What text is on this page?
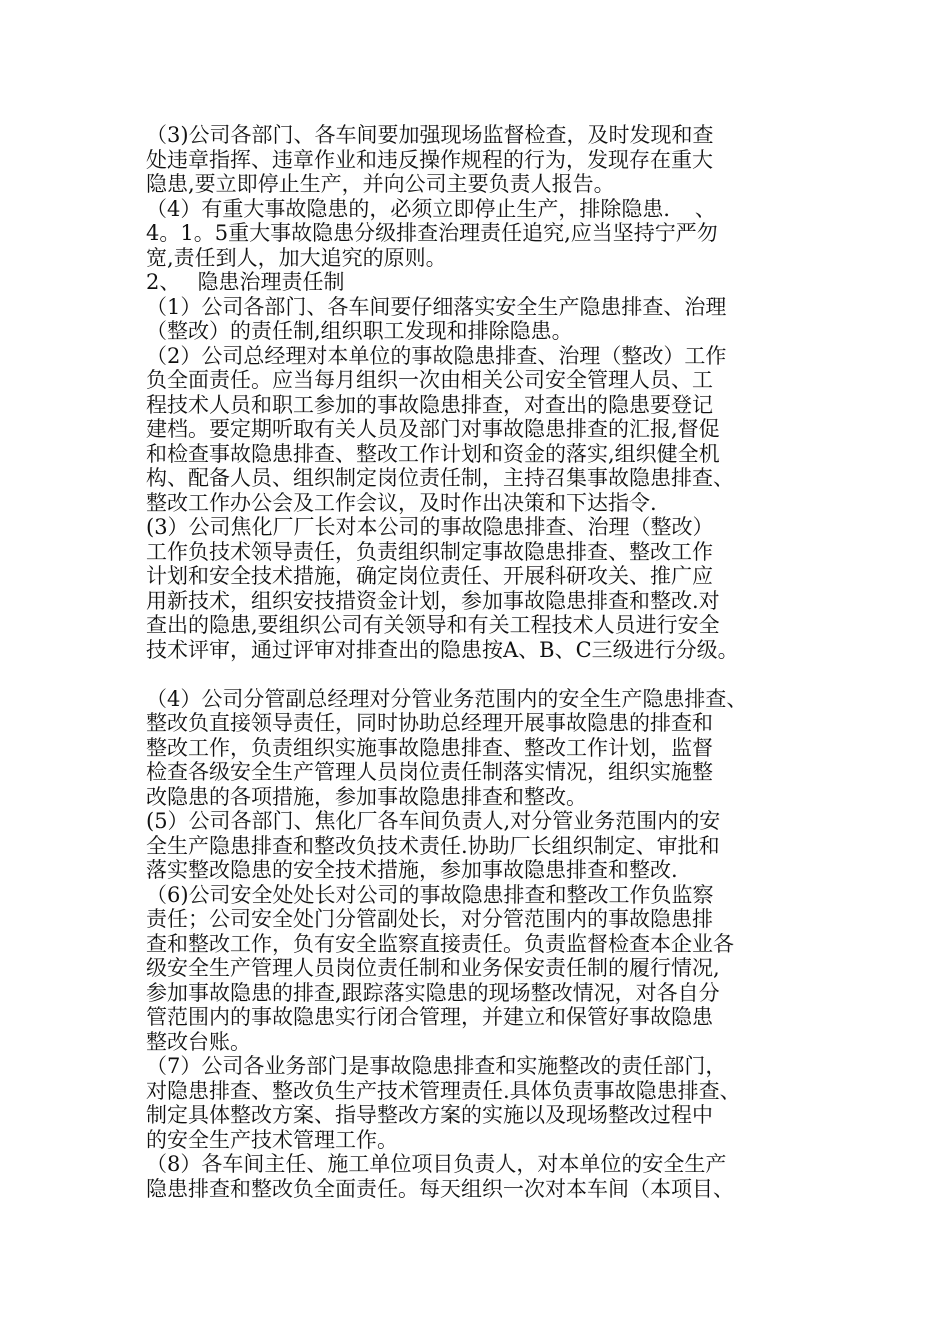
（3)公司各部门、各车间要加强现场监督检查，及时发现和查
处违章指挥、违章作业和违反操作规程的行为，发现存在重大
隐患,要立即停止生产，并向公司主要负责人报告。
（4）有重大事故隐患的，必须立即停止生产，排除隐患．　、
4。1。5重大事故隐患分级排查治理责任追究,应当坚持宁严勿
宽,责任到人，加大追究的原则。
2、　 隐患治理责任制
（1）公司各部门、各车间要仔细落实安全生产隐患排查、治理
（整改）的责任制,组织职工发现和排除隐患。
（2）公司总经理对本单位的事故隐患排查、治理（整改）工作
负全面责任。应当每月组织一次由相关公司安全管理人员、工
程技术人员和职工参加的事故隐患排查，对查出的隐患要登记
建档。要定期听取有关人员及部门对事故隐患排查的汇报,督促
和检查事故隐患排查、整改工作计划和资金的落实,组织健全机
构、配备人员、组织制定岗位责任制，主持召集事故隐患排查、
整改工作办公会及工作会议，及时作出决策和下达指令.
(3）公司焦化厂厂长对本公司的事故隐患排查、治理（整改）
工作负技术领导责任，负责组织制定事故隐患排查、整改工作
计划和安全技术措施，确定岗位责任、开展科研攻关、推广应
用新技术，组织安技措资金计划，参加事故隐患排查和整改.对
查出的隐患,要组织公司有关领导和有关工程技术人员进行安全
技术评审，通过评审对排查出的隐患按A、B、C三级进行分级。
（4）公司分管副总经理对分管业务范围内的安全生产隐患排查、
整改负直接领导责任，同时协助总经理开展事故隐患的排查和
整改工作，负责组织实施事故隐患排查、整改工作计划，监督
检查各级安全生产管理人员岗位责任制落实情况，组织实施整
改隐患的各项措施，参加事故隐患排查和整改。
(5）公司各部门、焦化厂各车间负责人,对分管业务范围内的安
全生产隐患排查和整改负技术责任.协助厂长组织制定、审批和
落实整改隐患的安全技术措施，参加事故隐患排查和整改.
（6)公司安全处处长对公司的事故隐患排查和整改工作负监察
责任；公司安全处门分管副处长，对分管范围内的事故隐患排
查和整改工作，负有安全监察直接责任。负责监督检查本企业各
级安全生产管理人员岗位责任制和业务保安责任制的履行情况,
参加事故隐患的排查,跟踪落实隐患的现场整改情况，对各自分
管范围内的事故隐患实行闭合管理，并建立和保管好事故隐患
整改台账。
（7）公司各业务部门是事故隐患排查和实施整改的责任部门，
对隐患排查、整改负生产技术管理责任.具体负责事故隐患排查、
制定具体整改方案、指导整改方案的实施以及现场整改过程中
的安全生产技术管理工作。
（8）各车间主任、施工单位项目负责人，对本单位的安全生产
隐患排查和整改负全面责任。每天组织一次对本车间（本项目、
